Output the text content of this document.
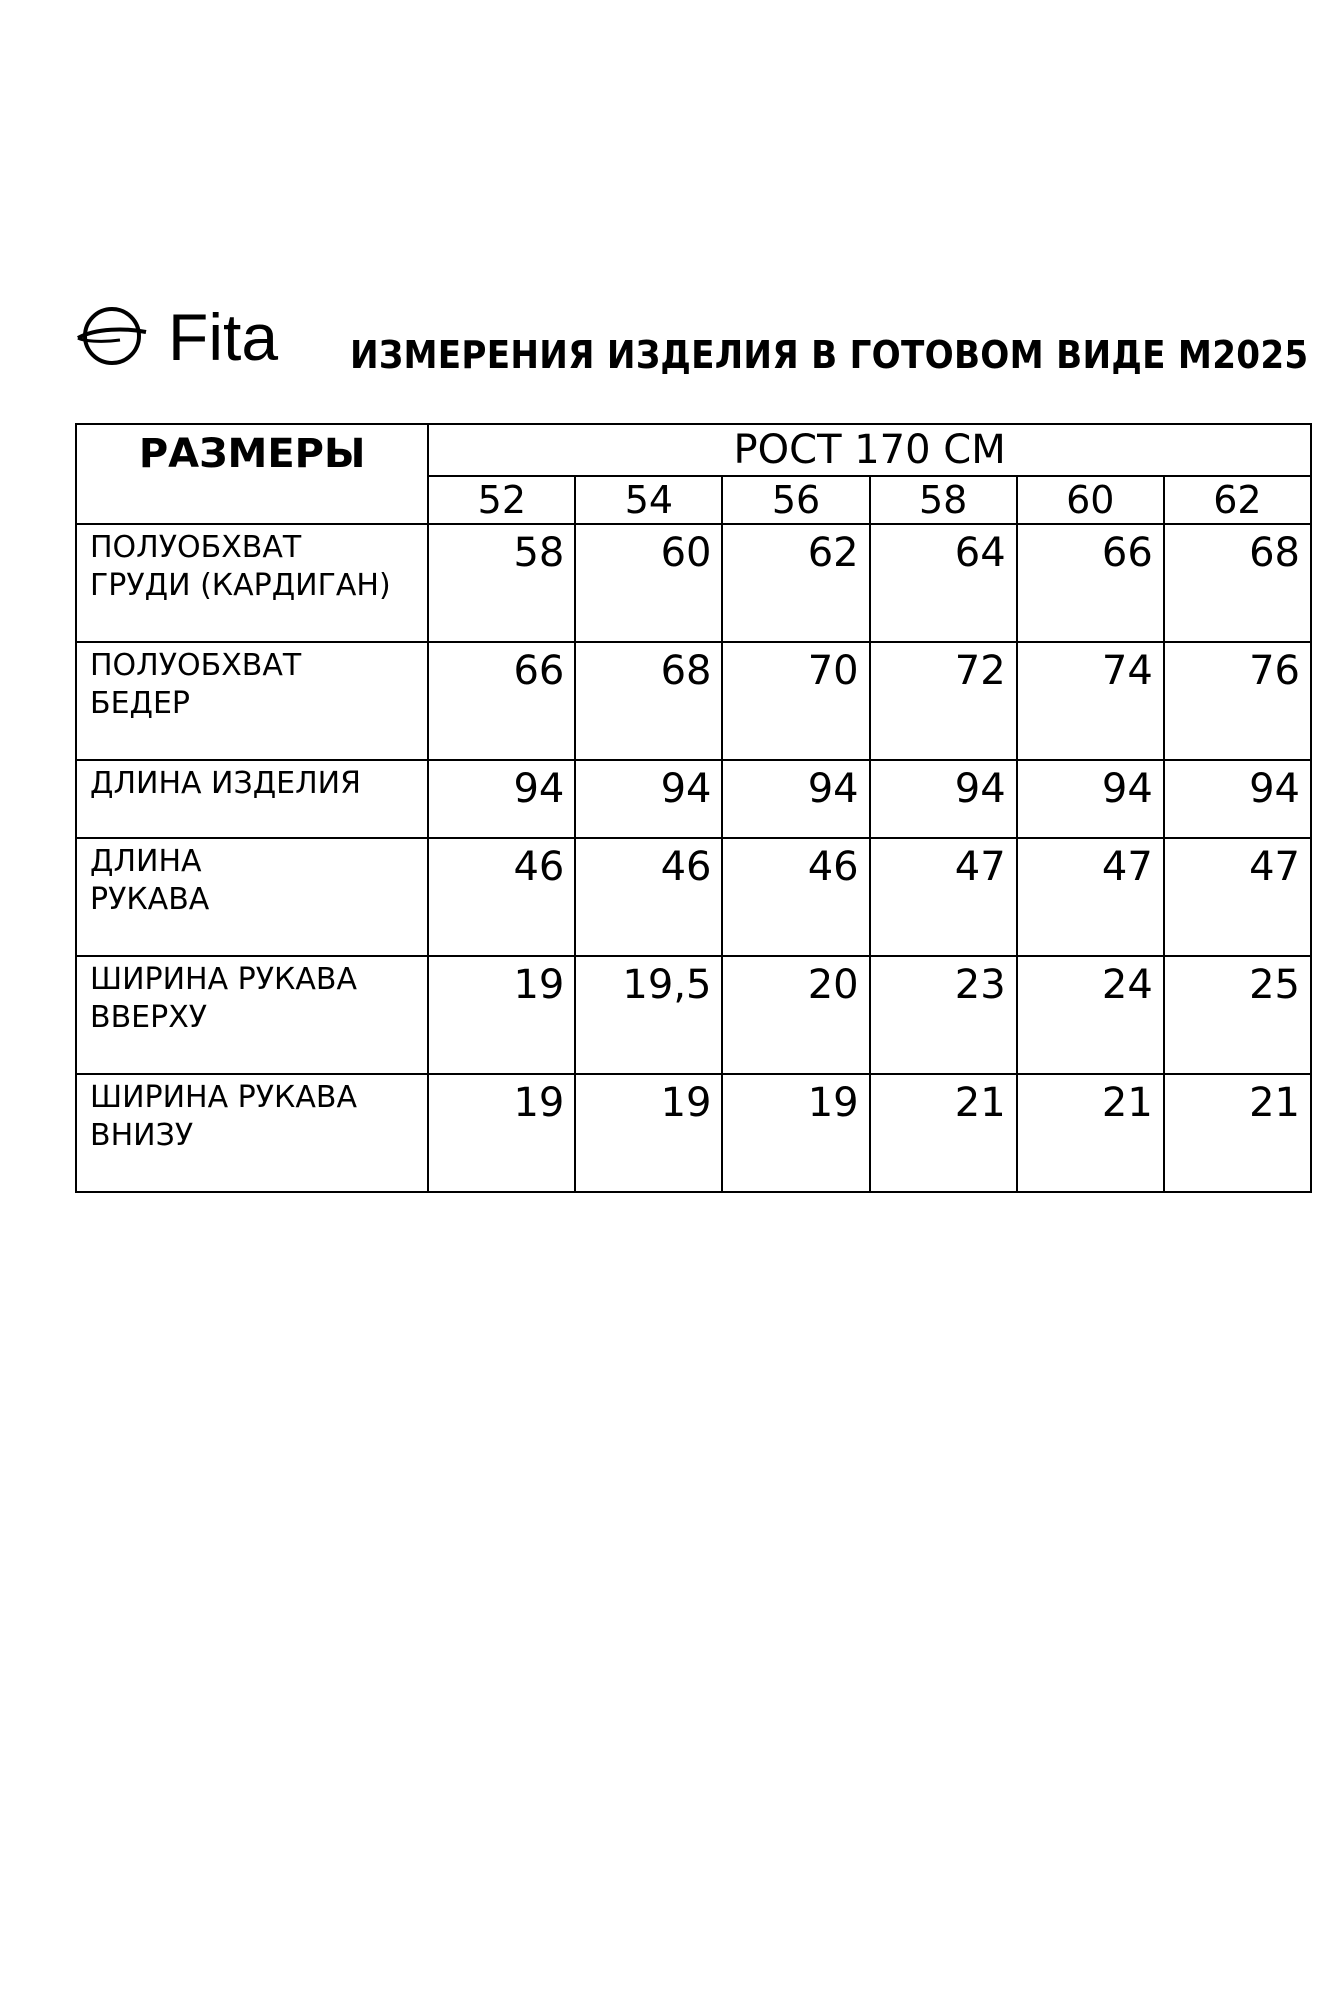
Fita ИЗМЕРЕНИЯ ИЗДЕЛИЯ В ГОТОВОМ ВИДЕ М2025
РАЗМЕРЫ	РОСТ 170 СМ					
	52	54	56	58	60	62

ПОЛУОБХВАТ
ГРУДИ (КАРДИГАН)	58	60	62	64	66	68

ПОЛУОБХВАТ
БЕДЕР	66	68	70	72	74	76

ДЛИНА ИЗДЕЛИЯ	94	94	94	94	94	94

ДЛИНА
РУКАВА	46	46	46	47	47	47

ШИРИНА РУКАВА
ВВЕРХУ	19	19,5	20	23	24	25

ШИРИНА РУКАВА
ВНИЗУ	19	19	19	21	21	21
